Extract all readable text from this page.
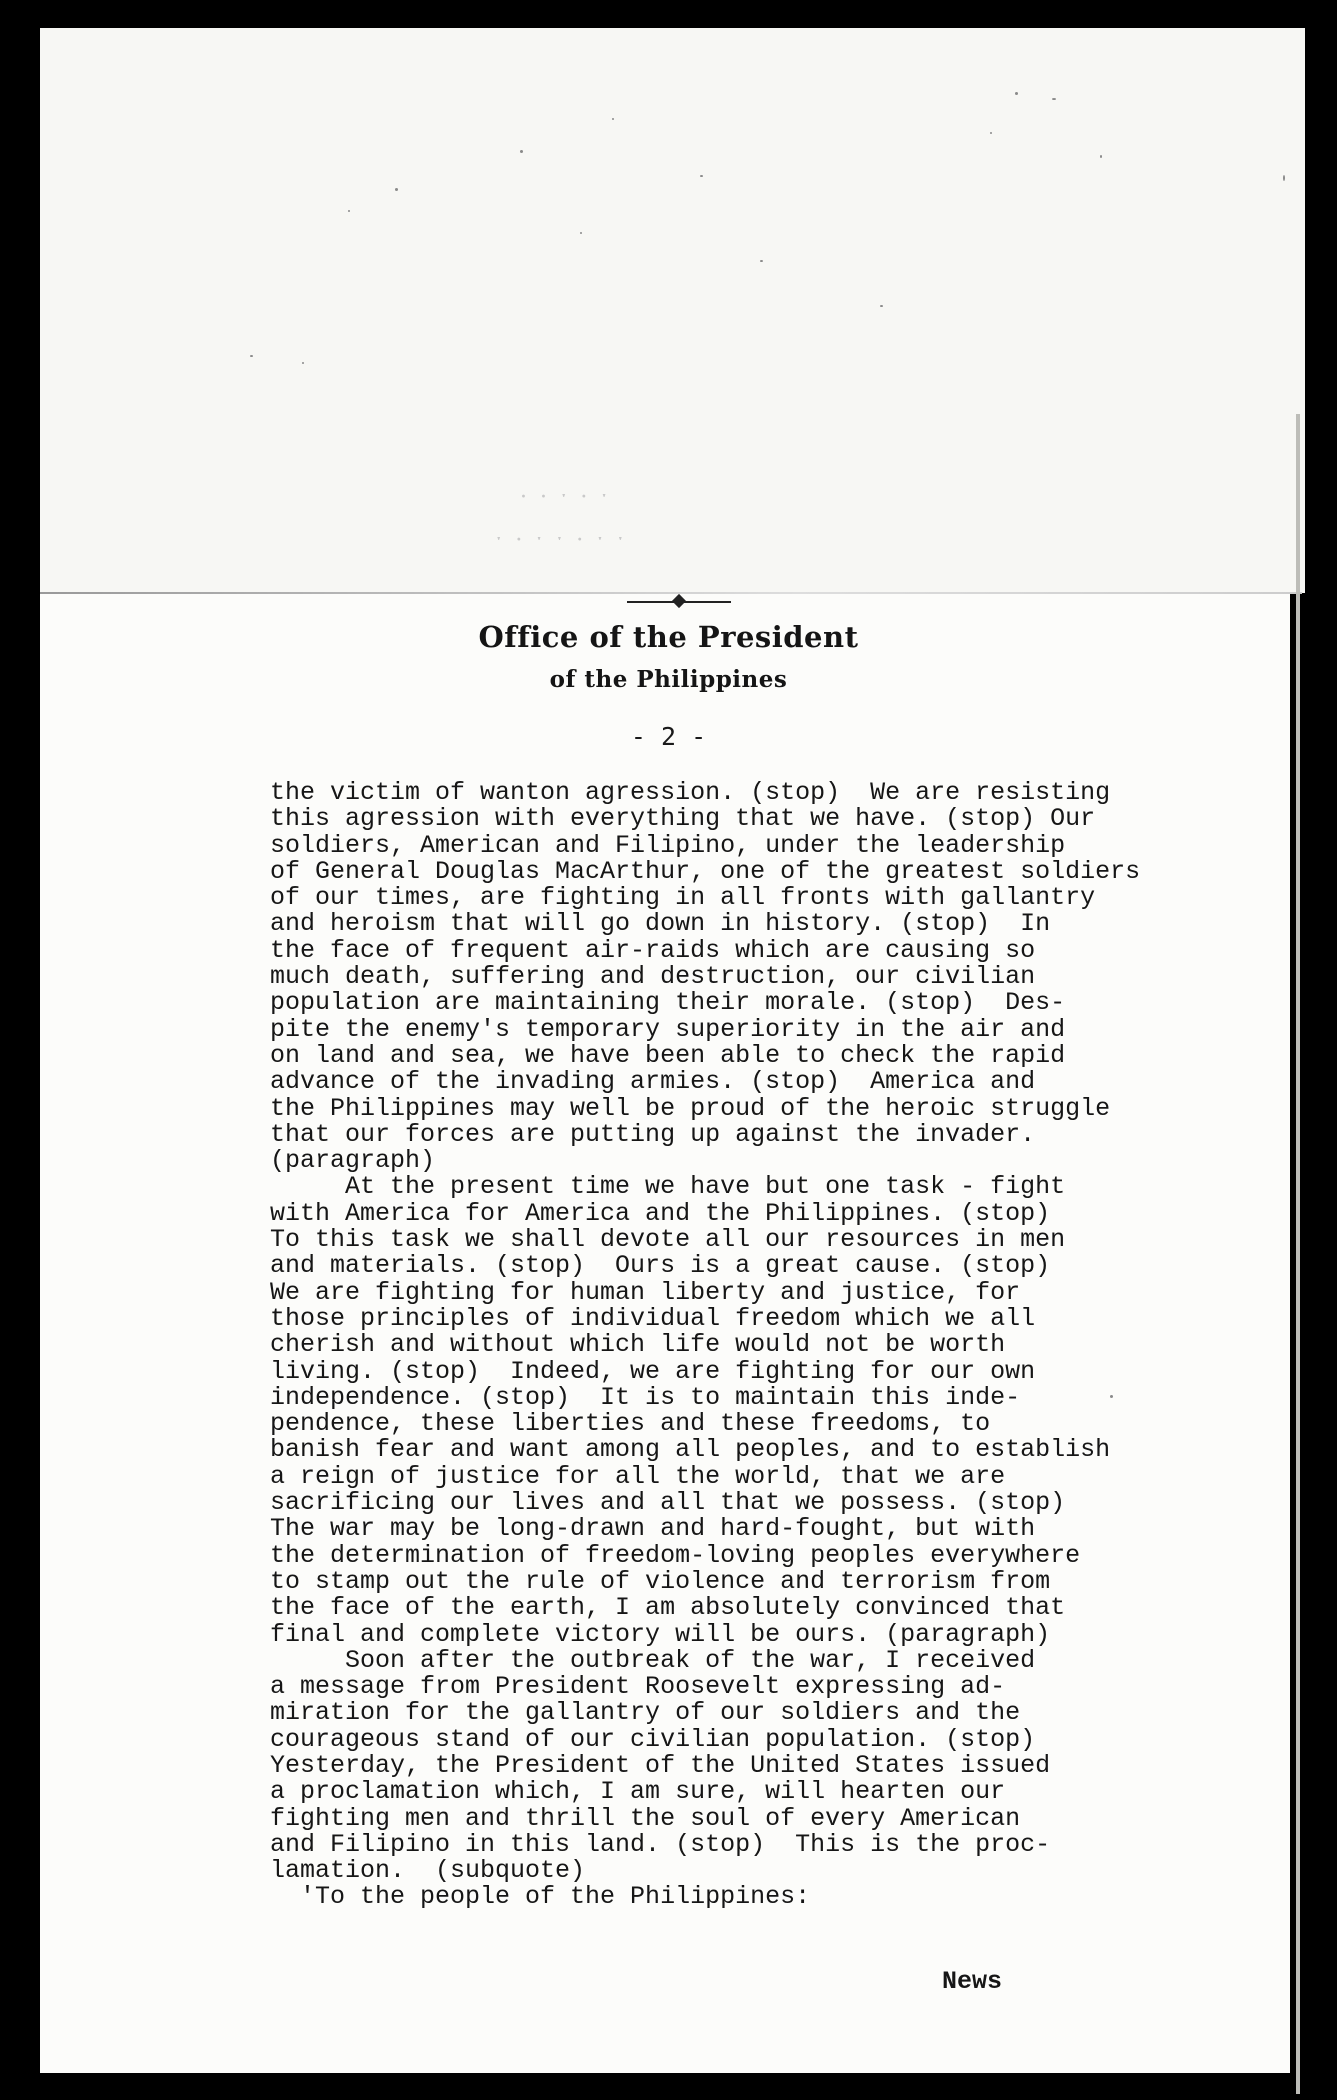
· · ˑ · ˑ
ˑ · ˑ ˑ · ˑ ˑ
Office of the President
of the Philippines
- 2 -
the victim of wanton agression. (stop)  We are resisting
this agression with everything that we have. (stop) Our
soldiers, American and Filipino, under the leadership
of General Douglas MacArthur, one of the greatest soldiers
of our times, are fighting in all fronts with gallantry
and heroism that will go down in history. (stop)  In
the face of frequent air-raids which are causing so
much death, suffering and destruction, our civilian
population are maintaining their morale. (stop)  Des-
pite the enemy's temporary superiority in the air and
on land and sea, we have been able to check the rapid
advance of the invading armies. (stop)  America and
the Philippines may well be proud of the heroic struggle
that our forces are putting up against the invader.
(paragraph)
At the present time we have but one task - fight
with America for America and the Philippines. (stop)
To this task we shall devote all our resources in men
and materials. (stop)  Ours is a great cause. (stop)
We are fighting for human liberty and justice, for
those principles of individual freedom which we all
cherish and without which life would not be worth
living. (stop)  Indeed, we are fighting for our own
independence. (stop)  It is to maintain this inde-
pendence, these liberties and these freedoms, to
banish fear and want among all peoples, and to establish
a reign of justice for all the world, that we are
sacrificing our lives and all that we possess. (stop)
The war may be long-drawn and hard-fought, but with
the determination of freedom-loving peoples everywhere
to stamp out the rule of violence and terrorism from
the face of the earth, I am absolutely convinced that
final and complete victory will be ours. (paragraph)
Soon after the outbreak of the war, I received
a message from President Roosevelt expressing ad-
miration for the gallantry of our soldiers and the
courageous stand of our civilian population. (stop)
Yesterday, the President of the United States issued
a proclamation which, I am sure, will hearten our
fighting men and thrill the soul of every American
and Filipino in this land. (stop)  This is the proc-
lamation.  (subquote)
'To the people of the Philippines:
News
